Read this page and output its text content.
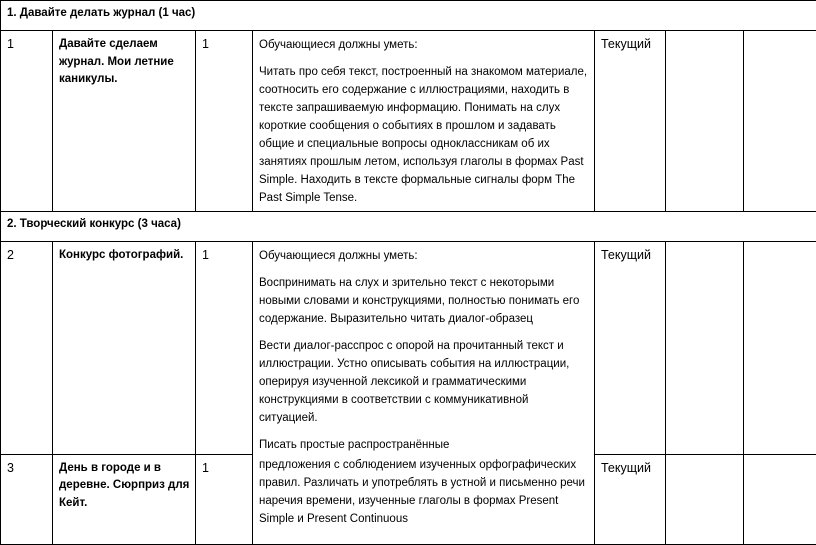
1. Давайте делать журнал (1 час)						
1	Давайте сделаем журнал. Мои летние каникулы.	1	Обучающиеся должны уметь:

Читать про себя текст, построенный на знакомом материале, соотносить его содержание с иллюстрациями, находить в тексте запрашиваемую информацию. Понимать на слух короткие сообщения о событиях в прошлом и задавать общие и специальные вопросы одноклассникам об их занятиях прошлым летом, используя глаголы в формах Past Simple. Находить в тексте формальные сигналы форм The Past Simple Tense.	Текущий		
2. Творческий конкурс (3 часа)						
2	Конкурс фотографий.	1	Обучающиеся должны уметь:

Воспринимать на слух и зрительно текст с некоторыми новыми словами и конструкциями, полностью понимать его содержание. Выразительно читать диалог-образец

Вести диалог-расспрос с опорой на прочитанный текст и иллюстрации. Устно описывать события на иллюстрации, оперируя изученной лексикой и грамматическими конструкциями в соответствии с коммуникативной ситуацией.

Писать простые распространённые	Текущий		
3	День в городе и в деревне. Сюрприз для Кейт.	1	предложения с соблюдением изученных орфографических правил. Различать и употреблять в устной и письменно речи наречия времени, изученные глаголы в формах Present Simple и Present Continuous	Текущий		
